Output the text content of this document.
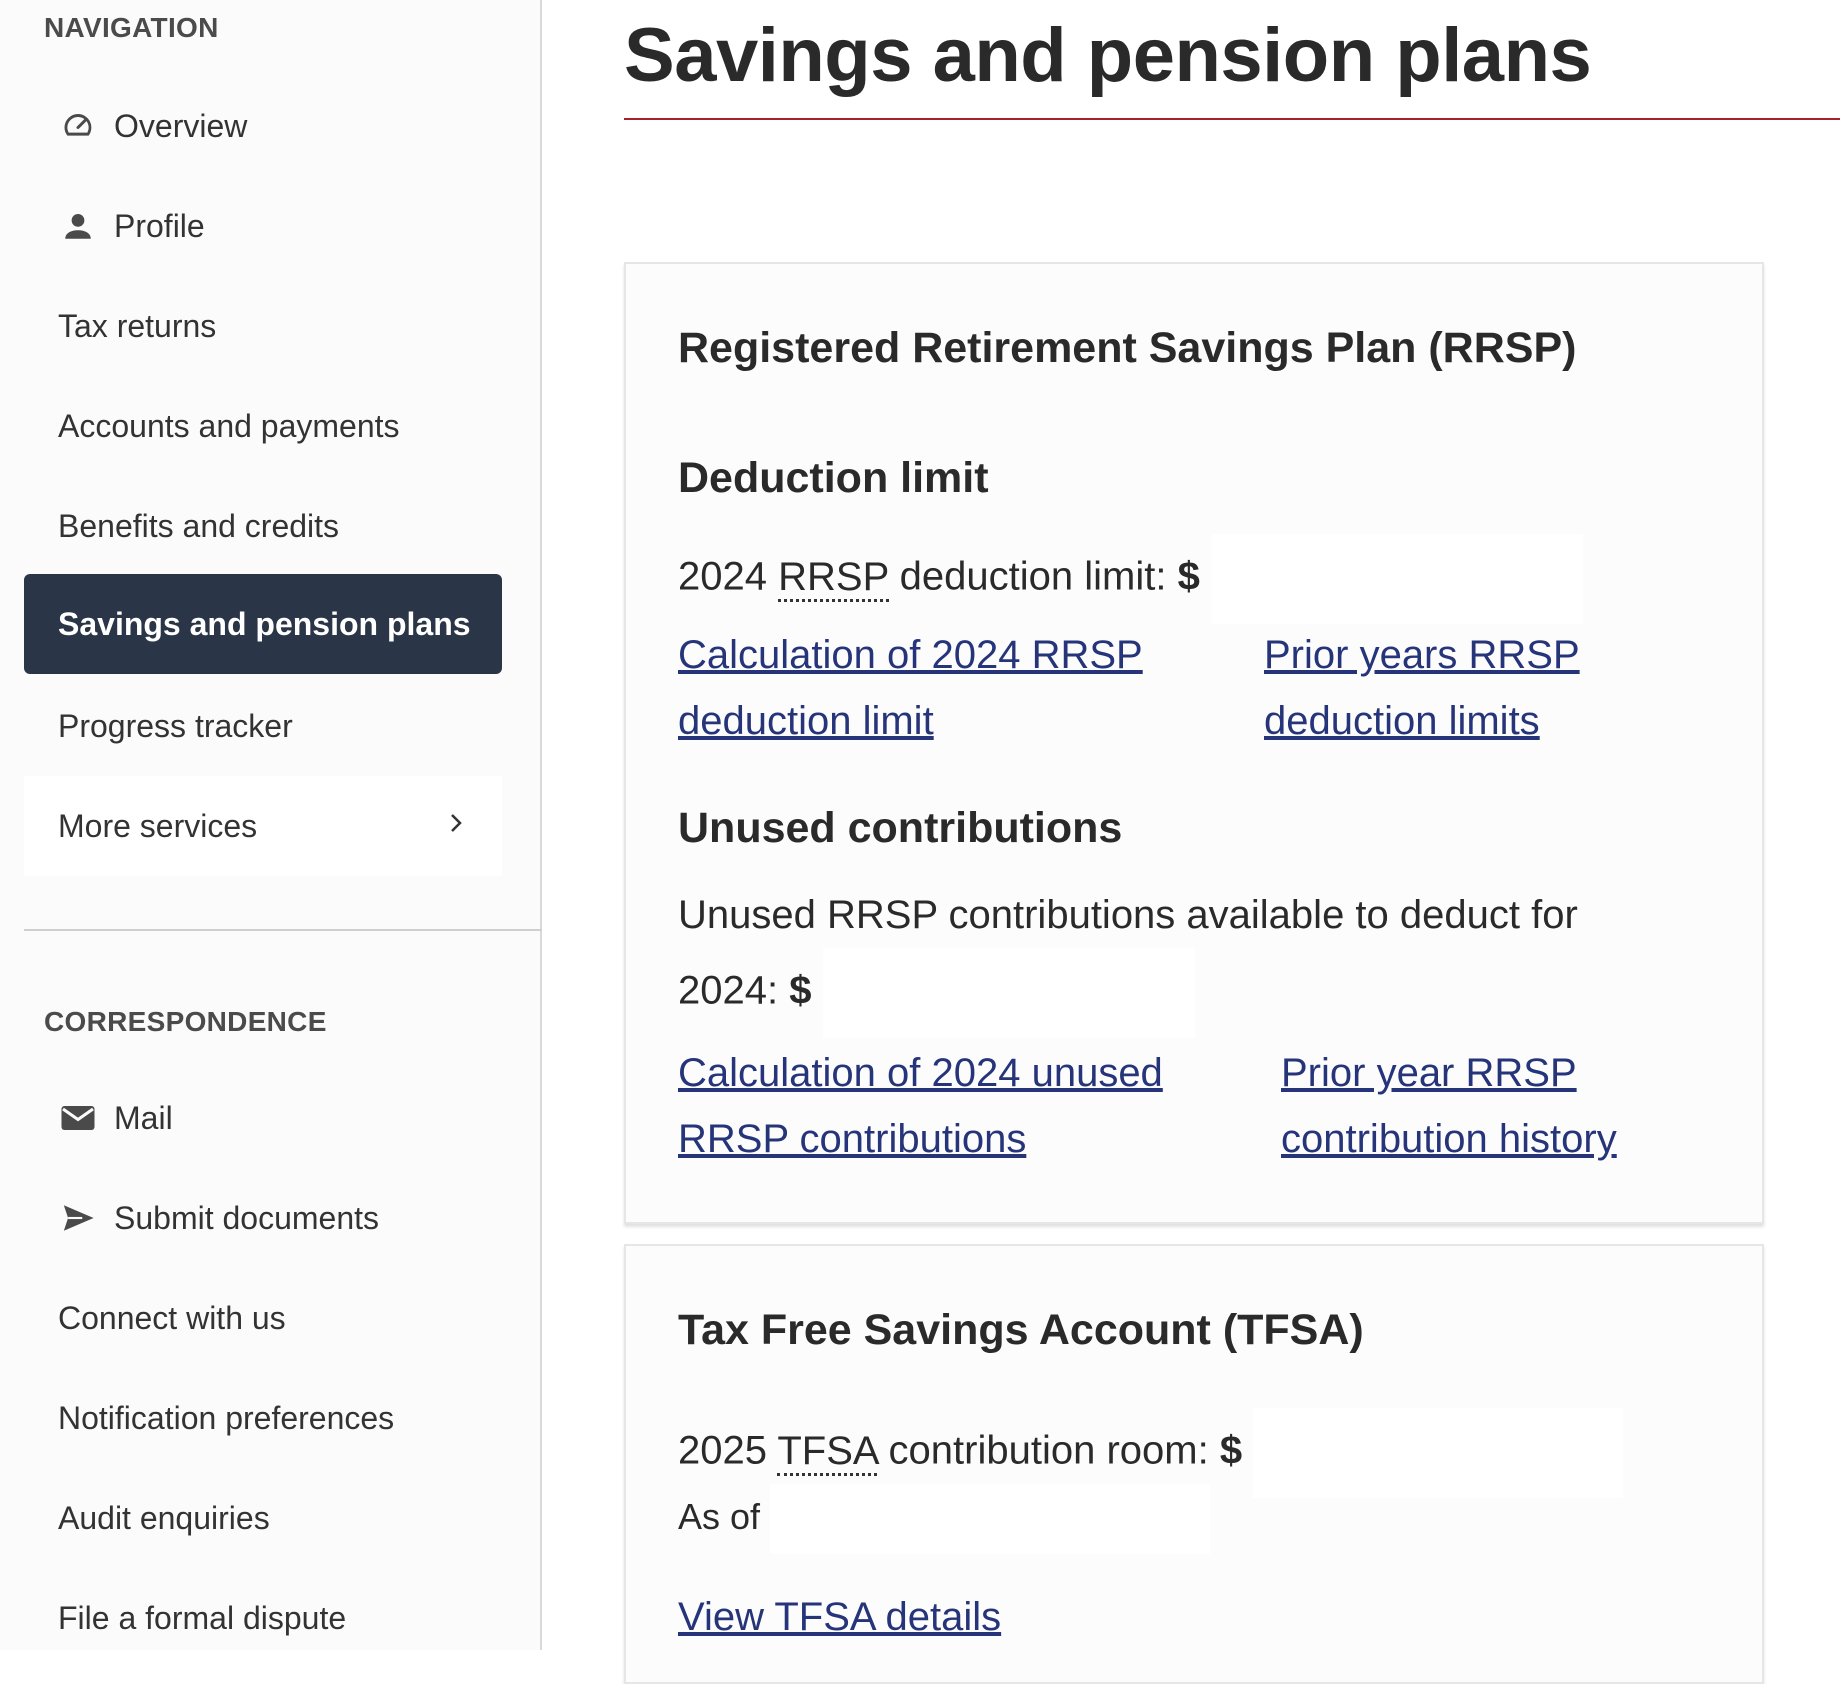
NAVIGATION
Overview
Profile
Tax returns
Accounts and payments
Benefits and credits
Savings and pension plans
Progress tracker
More services
CORRESPONDENCE
Mail
Submit documents
Connect with us
Notification preferences
Audit enquiries
File a formal dispute
Savings and pension plans
Registered Retirement Savings Plan (RRSP)
Deduction limit
2024 RRSP deduction limit: $
Calculation of 2024 RRSP
deduction limit
Prior years RRSP
deduction limits
Unused contributions
Unused RRSP contributions available to deduct for
2024: $
Calculation of 2024 unused
RRSP contributions
Prior year RRSP
contribution history
Tax Free Savings Account (TFSA)
2025 TFSA contribution room: $
As of
View TFSA details
